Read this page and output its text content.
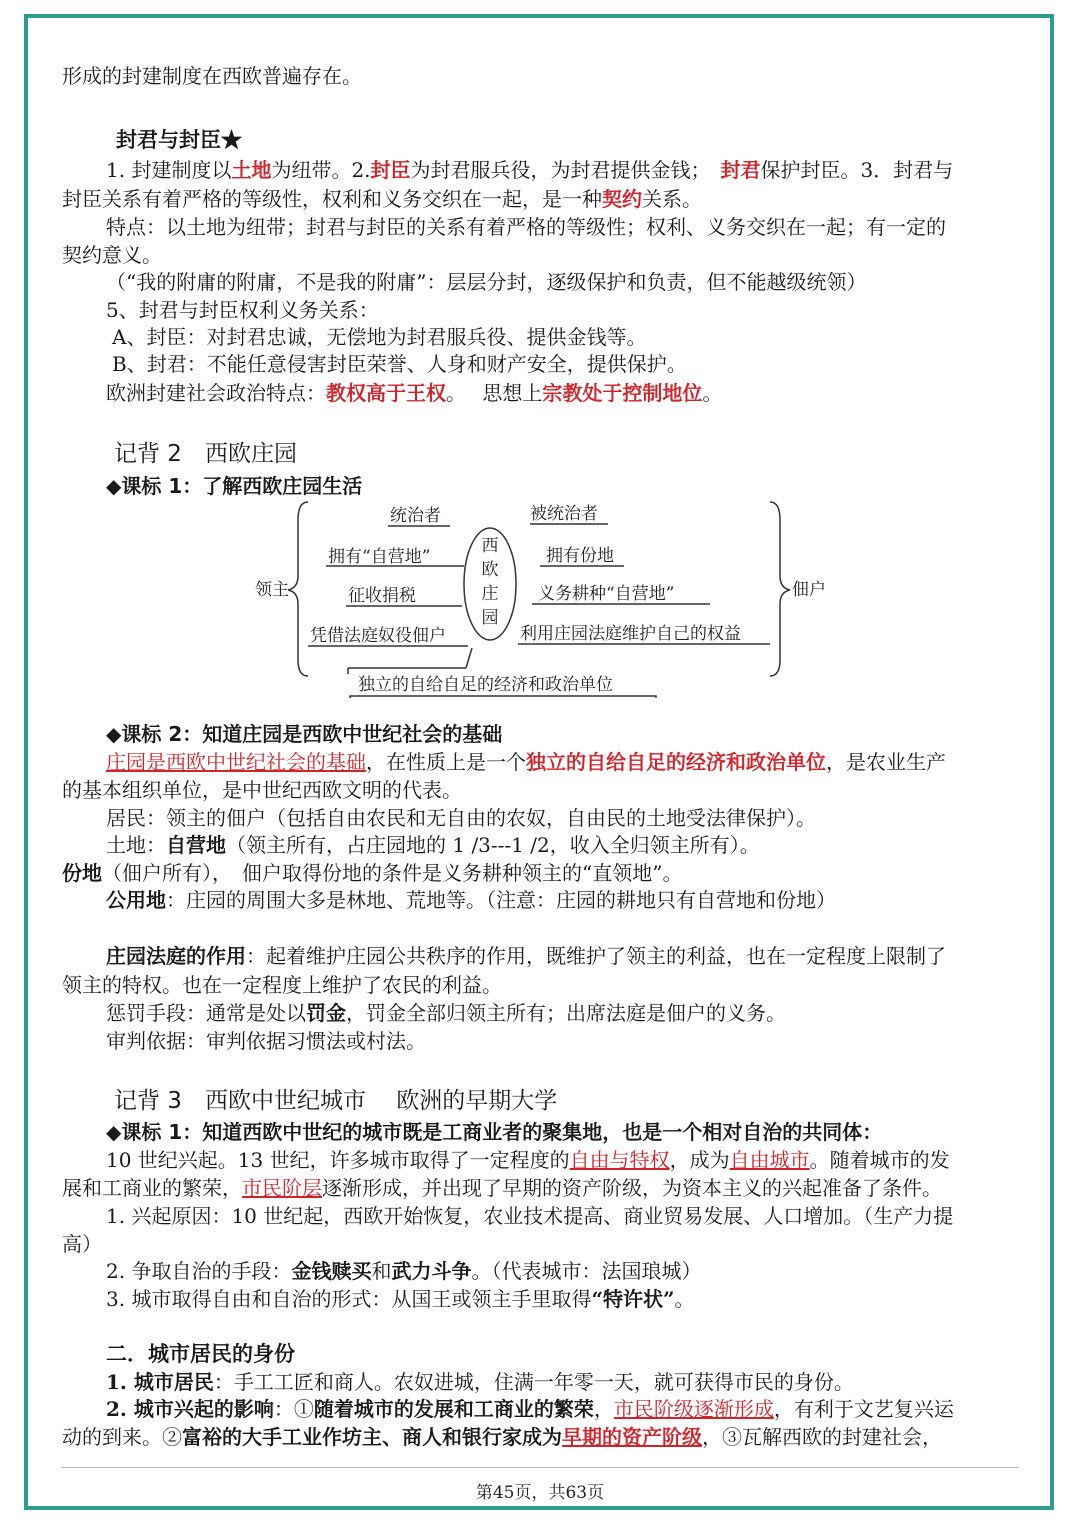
形成的封建制度在西欧普遍存在。
封君与封臣★
1. 封建制度以土地为纽带。2.封臣为封君服兵役，为封君提供金钱；　 封君保护封臣。3．封君与
封臣关系有着严格的等级性，权利和义务交织在一起，是一种契约关系。
特点：以土地为纽带；封君与封臣的关系有着严格的等级性；权利、义务交织在一起；有一定的
契约意义。
（“我的附庸的附庸，不是我的附庸”：层层分封，逐级保护和负责，但不能越级统领）
5、封君与封臣权利义务关系：
A、封臣：对封君忠诚，无偿地为封君服兵役、提供金钱等。
B、封君：不能任意侵害封臣荣誉、人身和财产安全，提供保护。
欧洲封建社会政治特点：教权高于王权。　 思想上宗教处于控制地位。
记背 2　西欧庄园
◆课标 1：了解西欧庄园生活
领主	佃户
西
欧
庄
园
统治者
拥有“自营地”
征收捐税
凭借法庭奴役佃户
被统治者
拥有份地
义务耕种“自营地”
利用庄园法庭维护自己的权益
独立的自给自足的经济和政治单位
◆课标 2：知道庄园是西欧中世纪社会的基础
庄园是西欧中世纪社会的基础，在性质上是一个独立的自给自足的经济和政治单位，是农业生产
的基本组织单位，是中世纪西欧文明的代表。
居民：领主的佃户（包括自由农民和无自由的农奴，自由民的土地受法律保护）。
土地：自营地（领主所有，占庄园地的 1 /3---1 /2，收入全归领主所有）。
份地（佃户所有），　佃户取得份地的条件是义务耕种领主的“直领地”。
公用地：庄园的周围大多是林地、荒地等。（注意：庄园的耕地只有自营地和份地）
庄园法庭的作用：起着维护庄园公共秩序的作用，既维护了领主的利益，也在一定程度上限制了
领主的特权。也在一定程度上维护了农民的利益。
惩罚手段：通常是处以罚金，罚金全部归领主所有；出席法庭是佃户的义务。
审判依据：审判依据习惯法或村法。
记背 3　西欧中世纪城市　 欧洲的早期大学
◆课标 1：知道西欧中世纪的城市既是工商业者的聚集地，也是一个相对自治的共同体：
10 世纪兴起。13 世纪，许多城市取得了一定程度的自由与特权，成为自由城市。随着城市的发
展和工商业的繁荣，市民阶层逐渐形成，并出现了早期的资产阶级，为资本主义的兴起准备了条件。
1. 兴起原因：10 世纪起，西欧开始恢复，农业技术提高、商业贸易发展、人口增加。（生产力提
高）
2. 争取自治的手段：金钱赎买和武力斗争。（代表城市：法国琅城）
3. 城市取得自由和自治的形式：从国王或领主手里取得“特许状”。
二．城市居民的身份
1. 城市居民：手工工匠和商人。农奴进城，住满一年零一天，就可获得市民的身份。
2. 城市兴起的影响：①随着城市的发展和工商业的繁荣，市民阶级逐渐形成，有利于文艺复兴运
动的到来。②富裕的大手工业作坊主、商人和银行家成为早期的资产阶级，③瓦解西欧的封建社会，
第45页，共63页
